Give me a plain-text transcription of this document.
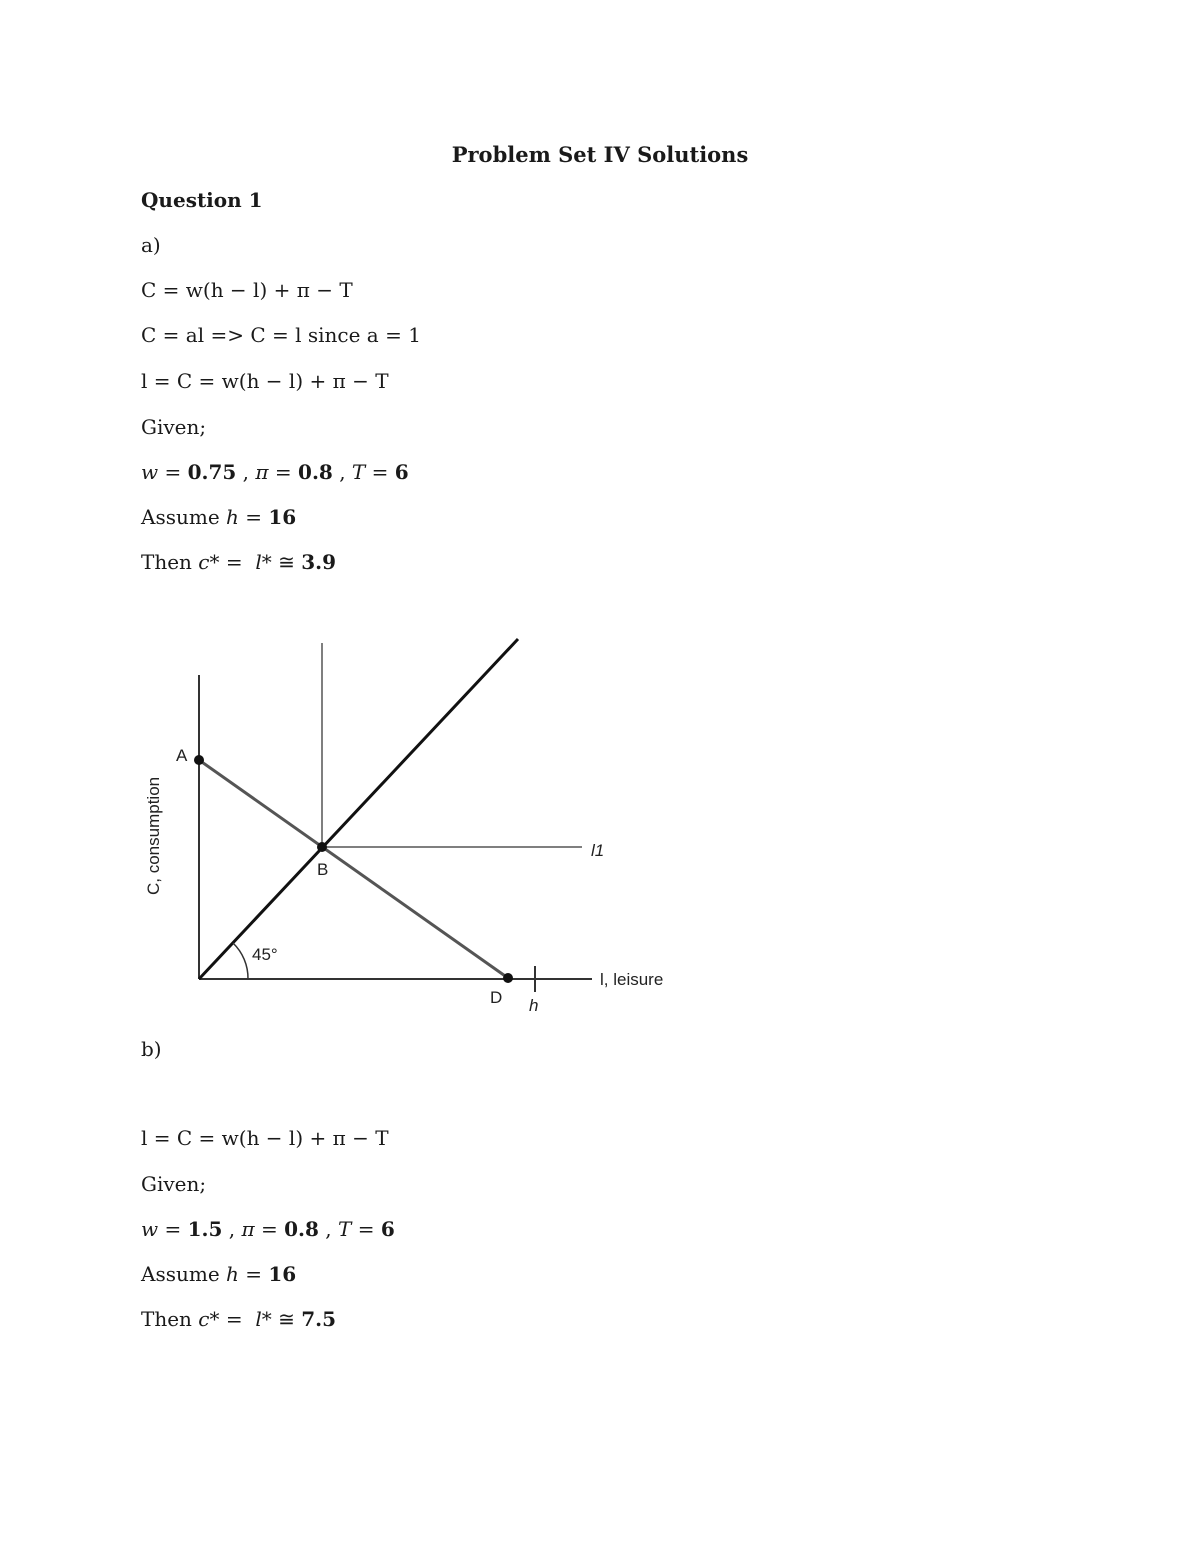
Problem Set IV Solutions
Question 1
a)
C = w(h − l) + π − T
C = al => C = l since a = 1
l = C = w(h − l) + π − T
Given;
w = 0.75 , π = 0.8 , T = 6
Assume h = 16
Then c* =  l* ≅ 3.9
A
B
D
45°
h
l1
l, leisure
C, consumption
b)
l = C = w(h − l) + π − T
Given;
w = 1.5 , π = 0.8 , T = 6
Assume h = 16
Then c* =  l* ≅ 7.5
